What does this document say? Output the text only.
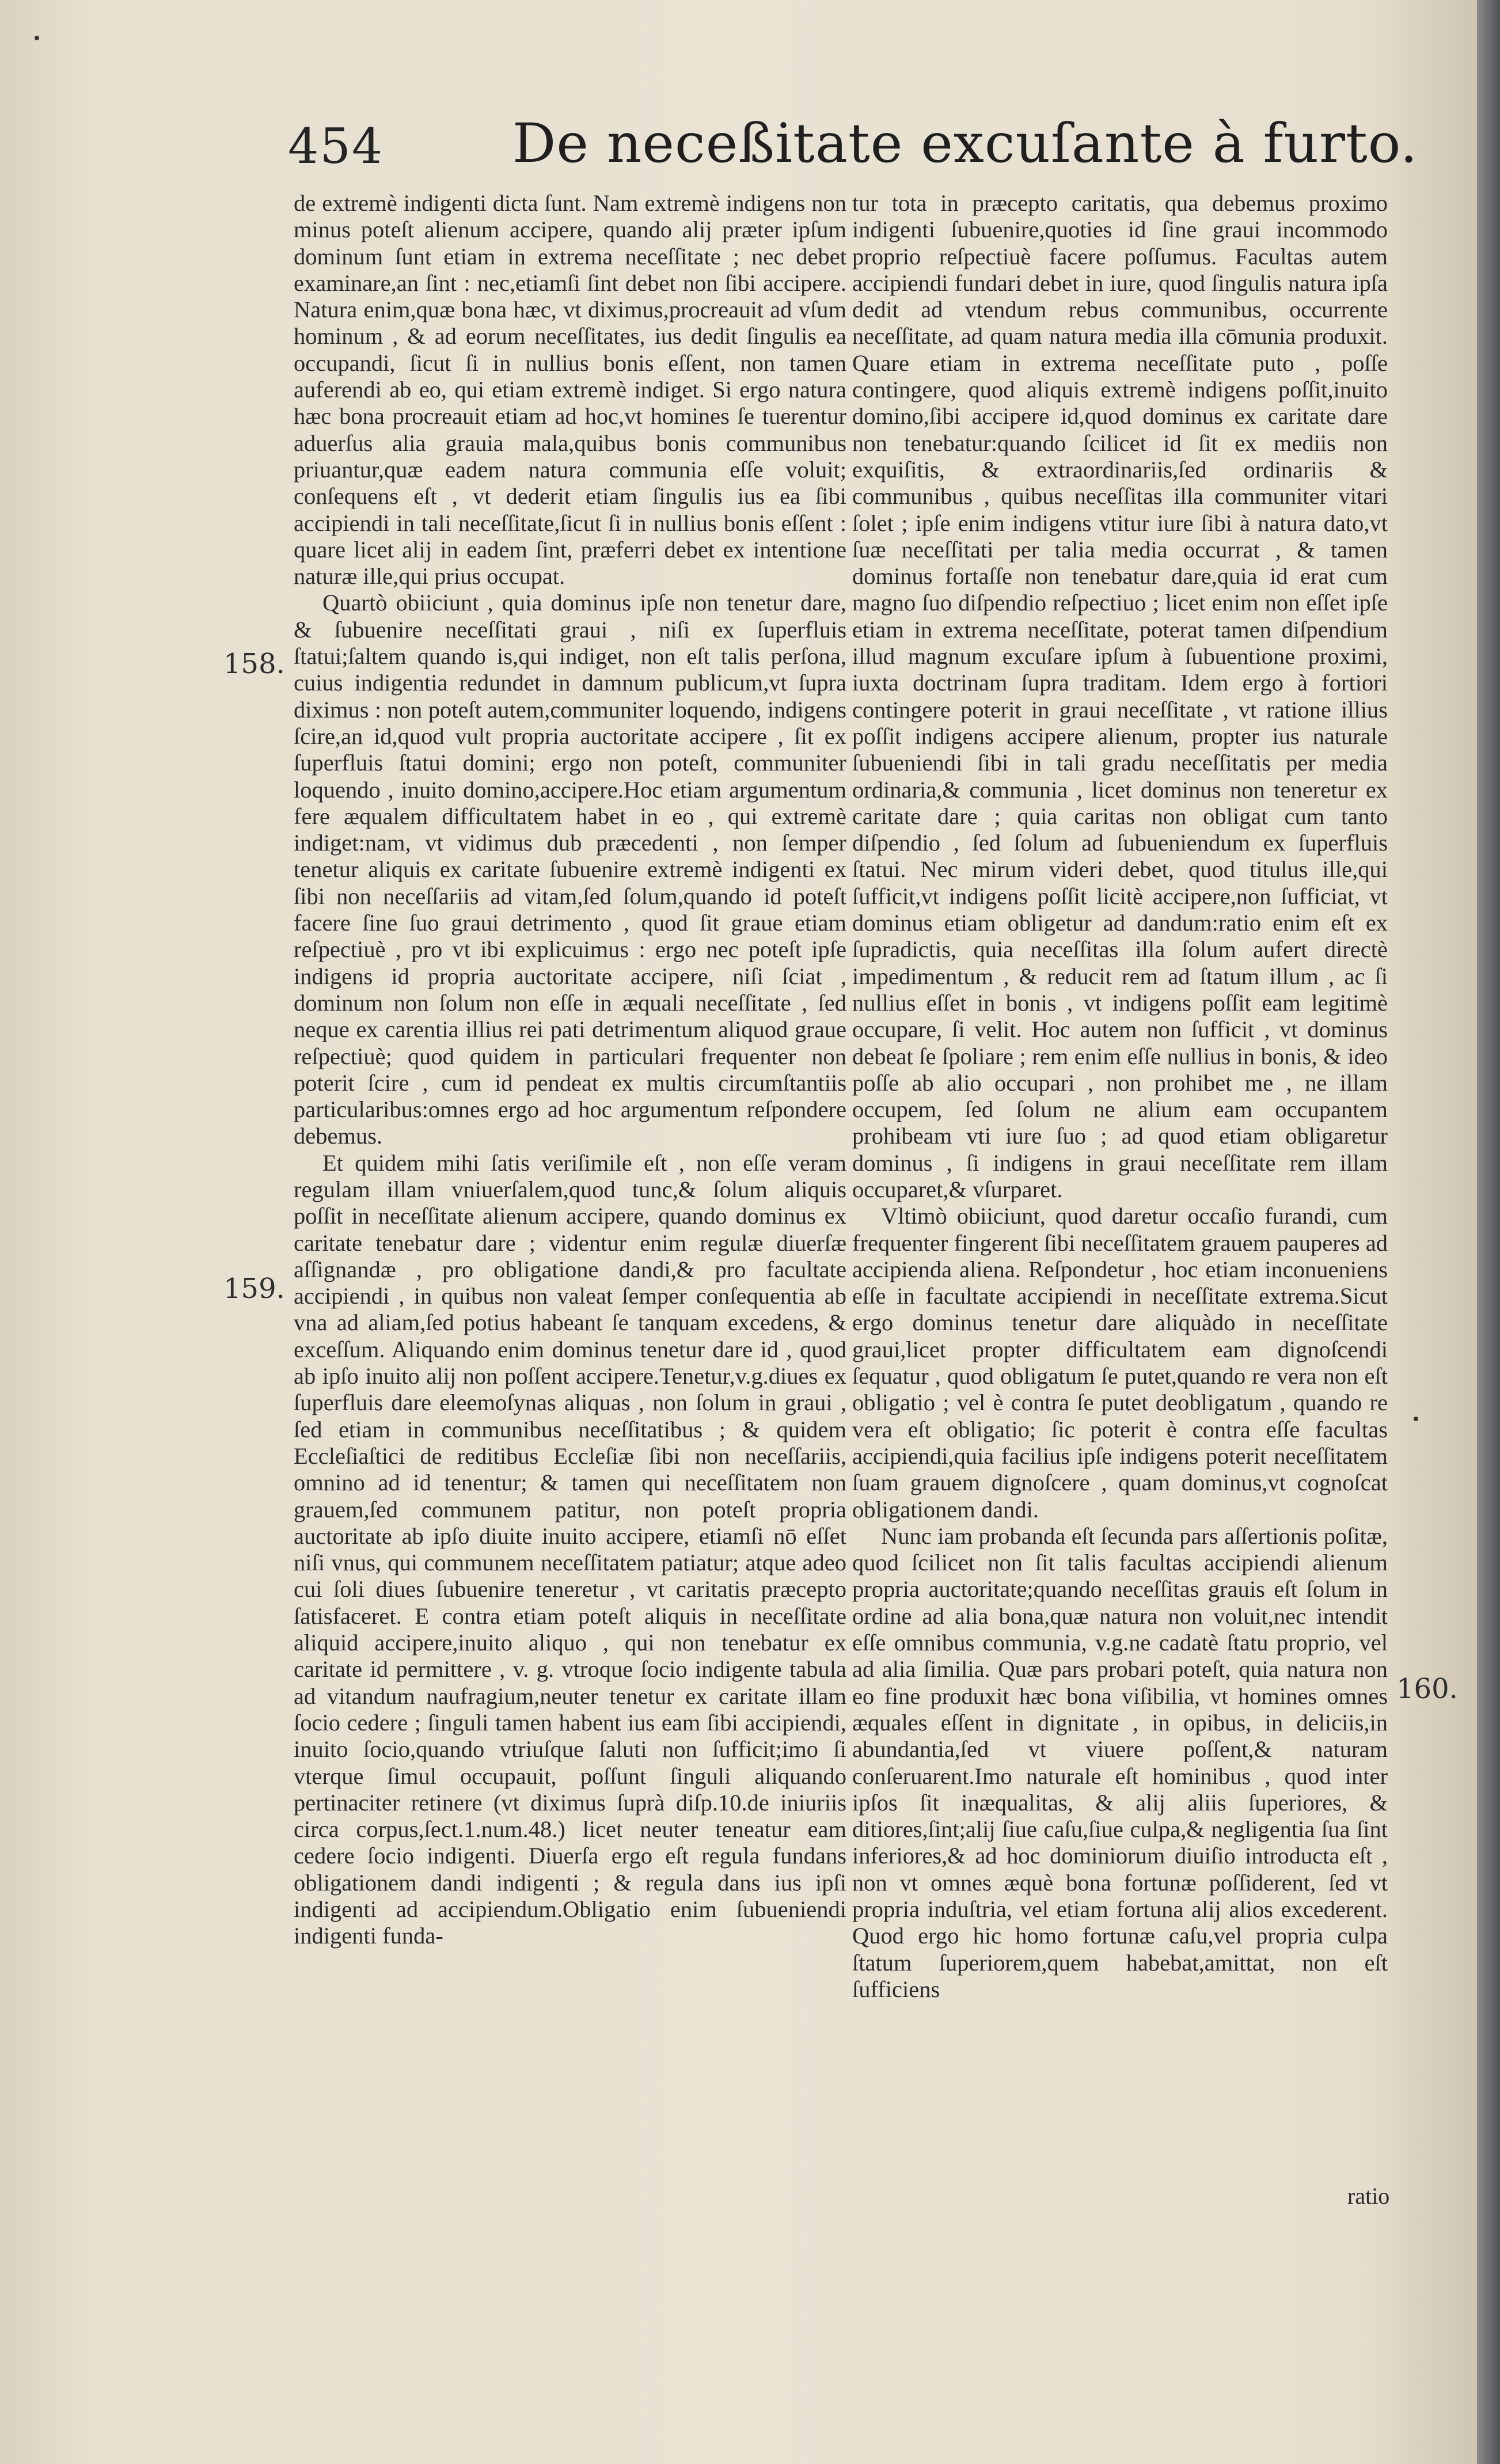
454 De neceßitate excuſante à furto.

de extremè indigenti dicta ſunt. Nam extremè indigens non minus poteſt alienum accipere, quando alij præter ipſum dominum ſunt etiam in extrema neceſſitate ; nec debet examinare,an ſint : nec,etiamſi ſint debet non ſibi accipere. Natura enim,quæ bona hæc, vt diximus,procreauit ad vſum hominum , & ad eorum neceſſitates, ius dedit ſingulis ea occupandi, ſicut ſi in nullius bonis eſſent, non tamen auferendi ab eo, qui etiam extremè indiget. Si ergo natura hæc bona procreauit etiam ad hoc,vt homines ſe tuerentur aduerſus alia grauia mala,quibus bonis communibus priuantur,quæ eadem natura communia eſſe voluit; conſequens eſt , vt dederit etiam ſingulis ius ea ſibi accipiendi in tali neceſſitate,ſicut ſi in nullius bonis eſſent : quare licet alij in eadem ſint, præferri debet ex intentione naturæ ille,qui prius occupat.

Quartò obiiciunt , quia dominus ipſe non tenetur dare, & ſubuenire neceſſitati graui , niſi ex ſuperfluis ſtatui;ſaltem quando is,qui indiget, non eſt talis perſona, cuius indigentia redundet in damnum publicum,vt ſupra diximus : non poteſt autem,communiter loquendo, indigens ſcire,an id,quod vult propria auctoritate accipere , ſit ex ſuperfluis ſtatui domini; ergo non poteſt, communiter loquendo , inuito domino,accipere.Hoc etiam argumentum fere æqualem difficultatem habet in eo , qui extremè indiget:nam, vt vidimus dub præcedenti , non ſemper tenetur aliquis ex caritate ſubuenire extremè indigenti ex ſibi non neceſſariis ad vitam,ſed ſolum,quando id poteſt facere ſine ſuo graui detrimento , quod ſit graue etiam reſpectiuè , pro vt ibi explicuimus : ergo nec poteſt ipſe indigens id propria auctoritate accipere, niſi ſciat , dominum non ſolum non eſſe in æquali neceſſitate , ſed neque ex carentia illius rei pati detrimentum aliquod graue reſpectiuè; quod quidem in particulari frequenter non poterit ſcire , cum id pendeat ex multis circumſtantiis particularibus:omnes ergo ad hoc argumentum reſpondere debemus.

Et quidem mihi ſatis veriſimile eſt , non eſſe veram regulam illam vniuerſalem,quod tunc,& ſolum aliquis poſſit in neceſſitate alienum accipere, quando dominus ex caritate tenebatur dare ; videntur enim regulæ diuerſæ aſſignandæ , pro obligatione dandi,& pro facultate accipiendi , in quibus non valeat ſemper conſequentia ab vna ad aliam,ſed potius habeant ſe tanquam excedens, & exceſſum. Aliquando enim dominus tenetur dare id , quod ab ipſo inuito alij non poſſent accipere.Tenetur,v.g.diues ex ſuperfluis dare eleemoſynas aliquas , non ſolum in graui , ſed etiam in communibus neceſſitatibus ; & quidem Eccleſiaſtici de reditibus Eccleſiæ ſibi non neceſſariis, omnino ad id tenentur; & tamen qui neceſſitatem non grauem,ſed communem patitur, non poteſt propria auctoritate ab ipſo diuite inuito accipere, etiamſi nō eſſet niſi vnus, qui communem neceſſitatem patiatur; atque adeo cui ſoli diues ſubuenire teneretur , vt caritatis præcepto ſatisfaceret. E contra etiam poteſt aliquis in neceſſitate aliquid accipere,inuito aliquo , qui non tenebatur ex caritate id permittere , v. g. vtroque ſocio indigente tabula ad vitandum naufragium,neuter tenetur ex caritate illam ſocio cedere ; ſinguli tamen habent ius eam ſibi accipiendi, inuito ſocio,quando vtriuſque ſaluti non ſufficit;imo ſi vterque ſimul occupauit, poſſunt ſinguli aliquando pertinaciter retinere (vt diximus ſuprà diſp.10.de iniuriis circa corpus,ſect.1.num.48.) licet neuter teneatur eam cedere ſocio indigenti. Diuerſa ergo eſt regula fundans obligationem dandi indigenti ; & regula dans ius ipſi indigenti ad accipiendum.Obligatio enim ſubueniendi indigenti funda-

tur tota in præcepto caritatis, qua debemus proximo indigenti ſubuenire,quoties id ſine graui incommodo proprio reſpectiuè facere poſſumus. Facultas autem accipiendi fundari debet in iure, quod ſingulis natura ipſa dedit ad vtendum rebus communibus, occurrente neceſſitate, ad quam natura media illa cōmunia produxit. Quare etiam in extrema neceſſitate puto , poſſe contingere, quod aliquis extremè indigens poſſit,inuito domino,ſibi accipere id,quod dominus ex caritate dare non tenebatur:quando ſcilicet id ſit ex mediis non exquiſitis, & extraordinariis,ſed ordinariis & communibus , quibus neceſſitas illa communiter vitari ſolet ; ipſe enim indigens vtitur iure ſibi à natura dato,vt ſuæ neceſſitati per talia media occurrat , & tamen dominus fortaſſe non tenebatur dare,quia id erat cum magno ſuo diſpendio reſpectiuo ; licet enim non eſſet ipſe etiam in extrema neceſſitate, poterat tamen diſpendium illud magnum excuſare ipſum à ſubuentione proximi, iuxta doctrinam ſupra traditam. Idem ergo à fortiori contingere poterit in graui neceſſitate , vt ratione illius poſſit indigens accipere alienum, propter ius naturale ſubueniendi ſibi in tali gradu neceſſitatis per media ordinaria,& communia , licet dominus non teneretur ex caritate dare ; quia caritas non obligat cum tanto diſpendio , ſed ſolum ad ſubueniendum ex ſuperfluis ſtatui. Nec mirum videri debet, quod titulus ille,qui ſufficit,vt indigens poſſit licitè accipere,non ſufficiat, vt dominus etiam obligetur ad dandum:ratio enim eſt ex ſupradictis, quia neceſſitas illa ſolum aufert directè impedimentum , & reducit rem ad ſtatum illum , ac ſi nullius eſſet in bonis , vt indigens poſſit eam legitimè occupare, ſi velit. Hoc autem non ſufficit , vt dominus debeat ſe ſpoliare ; rem enim eſſe nullius in bonis, & ideo poſſe ab alio occupari , non prohibet me , ne illam occupem, ſed ſolum ne alium eam occupantem prohibeam vti iure ſuo ; ad quod etiam obligaretur dominus , ſi indigens in graui neceſſitate rem illam occuparet,& vſurparet.

Vltimò obiiciunt, quod daretur occaſio furandi, cum frequenter fingerent ſibi neceſſitatem grauem pauperes ad accipienda aliena. Reſpondetur , hoc etiam inconueniens eſſe in facultate accipiendi in neceſſitate extrema.Sicut ergo dominus tenetur dare aliquàdo in neceſſitate graui,licet propter difficultatem eam dignoſcendi ſequatur , quod obligatum ſe putet,quando re vera non eſt obligatio ; vel è contra ſe putet deobligatum , quando re vera eſt obligatio; ſic poterit è contra eſſe facultas accipiendi,quia facilius ipſe indigens poterit neceſſitatem ſuam grauem dignoſcere , quam dominus,vt cognoſcat obligationem dandi.

Nunc iam probanda eſt ſecunda pars aſſertionis poſitæ, quod ſcilicet non ſit talis facultas accipiendi alienum propria auctoritate;quando neceſſitas grauis eſt ſolum in ordine ad alia bona,quæ natura non voluit,nec intendit eſſe omnibus communia, v.g.ne cadatè ſtatu proprio, vel ad alia ſimilia. Quæ pars probari poteſt, quia natura non eo fine produxit hæc bona viſibilia, vt homines omnes æquales eſſent in dignitate , in opibus, in deliciis,in abundantia,ſed vt viuere poſſent,& naturam conſeruarent.Imo naturale eſt hominibus , quod inter ipſos ſit inæqualitas, & alij aliis ſuperiores, & ditiores,ſint;alij ſiue caſu,ſiue culpa,& negligentia ſua ſint inferiores,& ad hoc dominiorum diuiſio introducta eſt , non vt omnes æquè bona fortunæ poſſiderent, ſed vt propria induſtria, vel etiam fortuna alij alios excederent. Quod ergo hic homo fortunæ caſu,vel propria culpa ſtatum ſuperiorem,quem habebat,amittat, non eſt ſufficiens

158.
159.
160.
ratio
